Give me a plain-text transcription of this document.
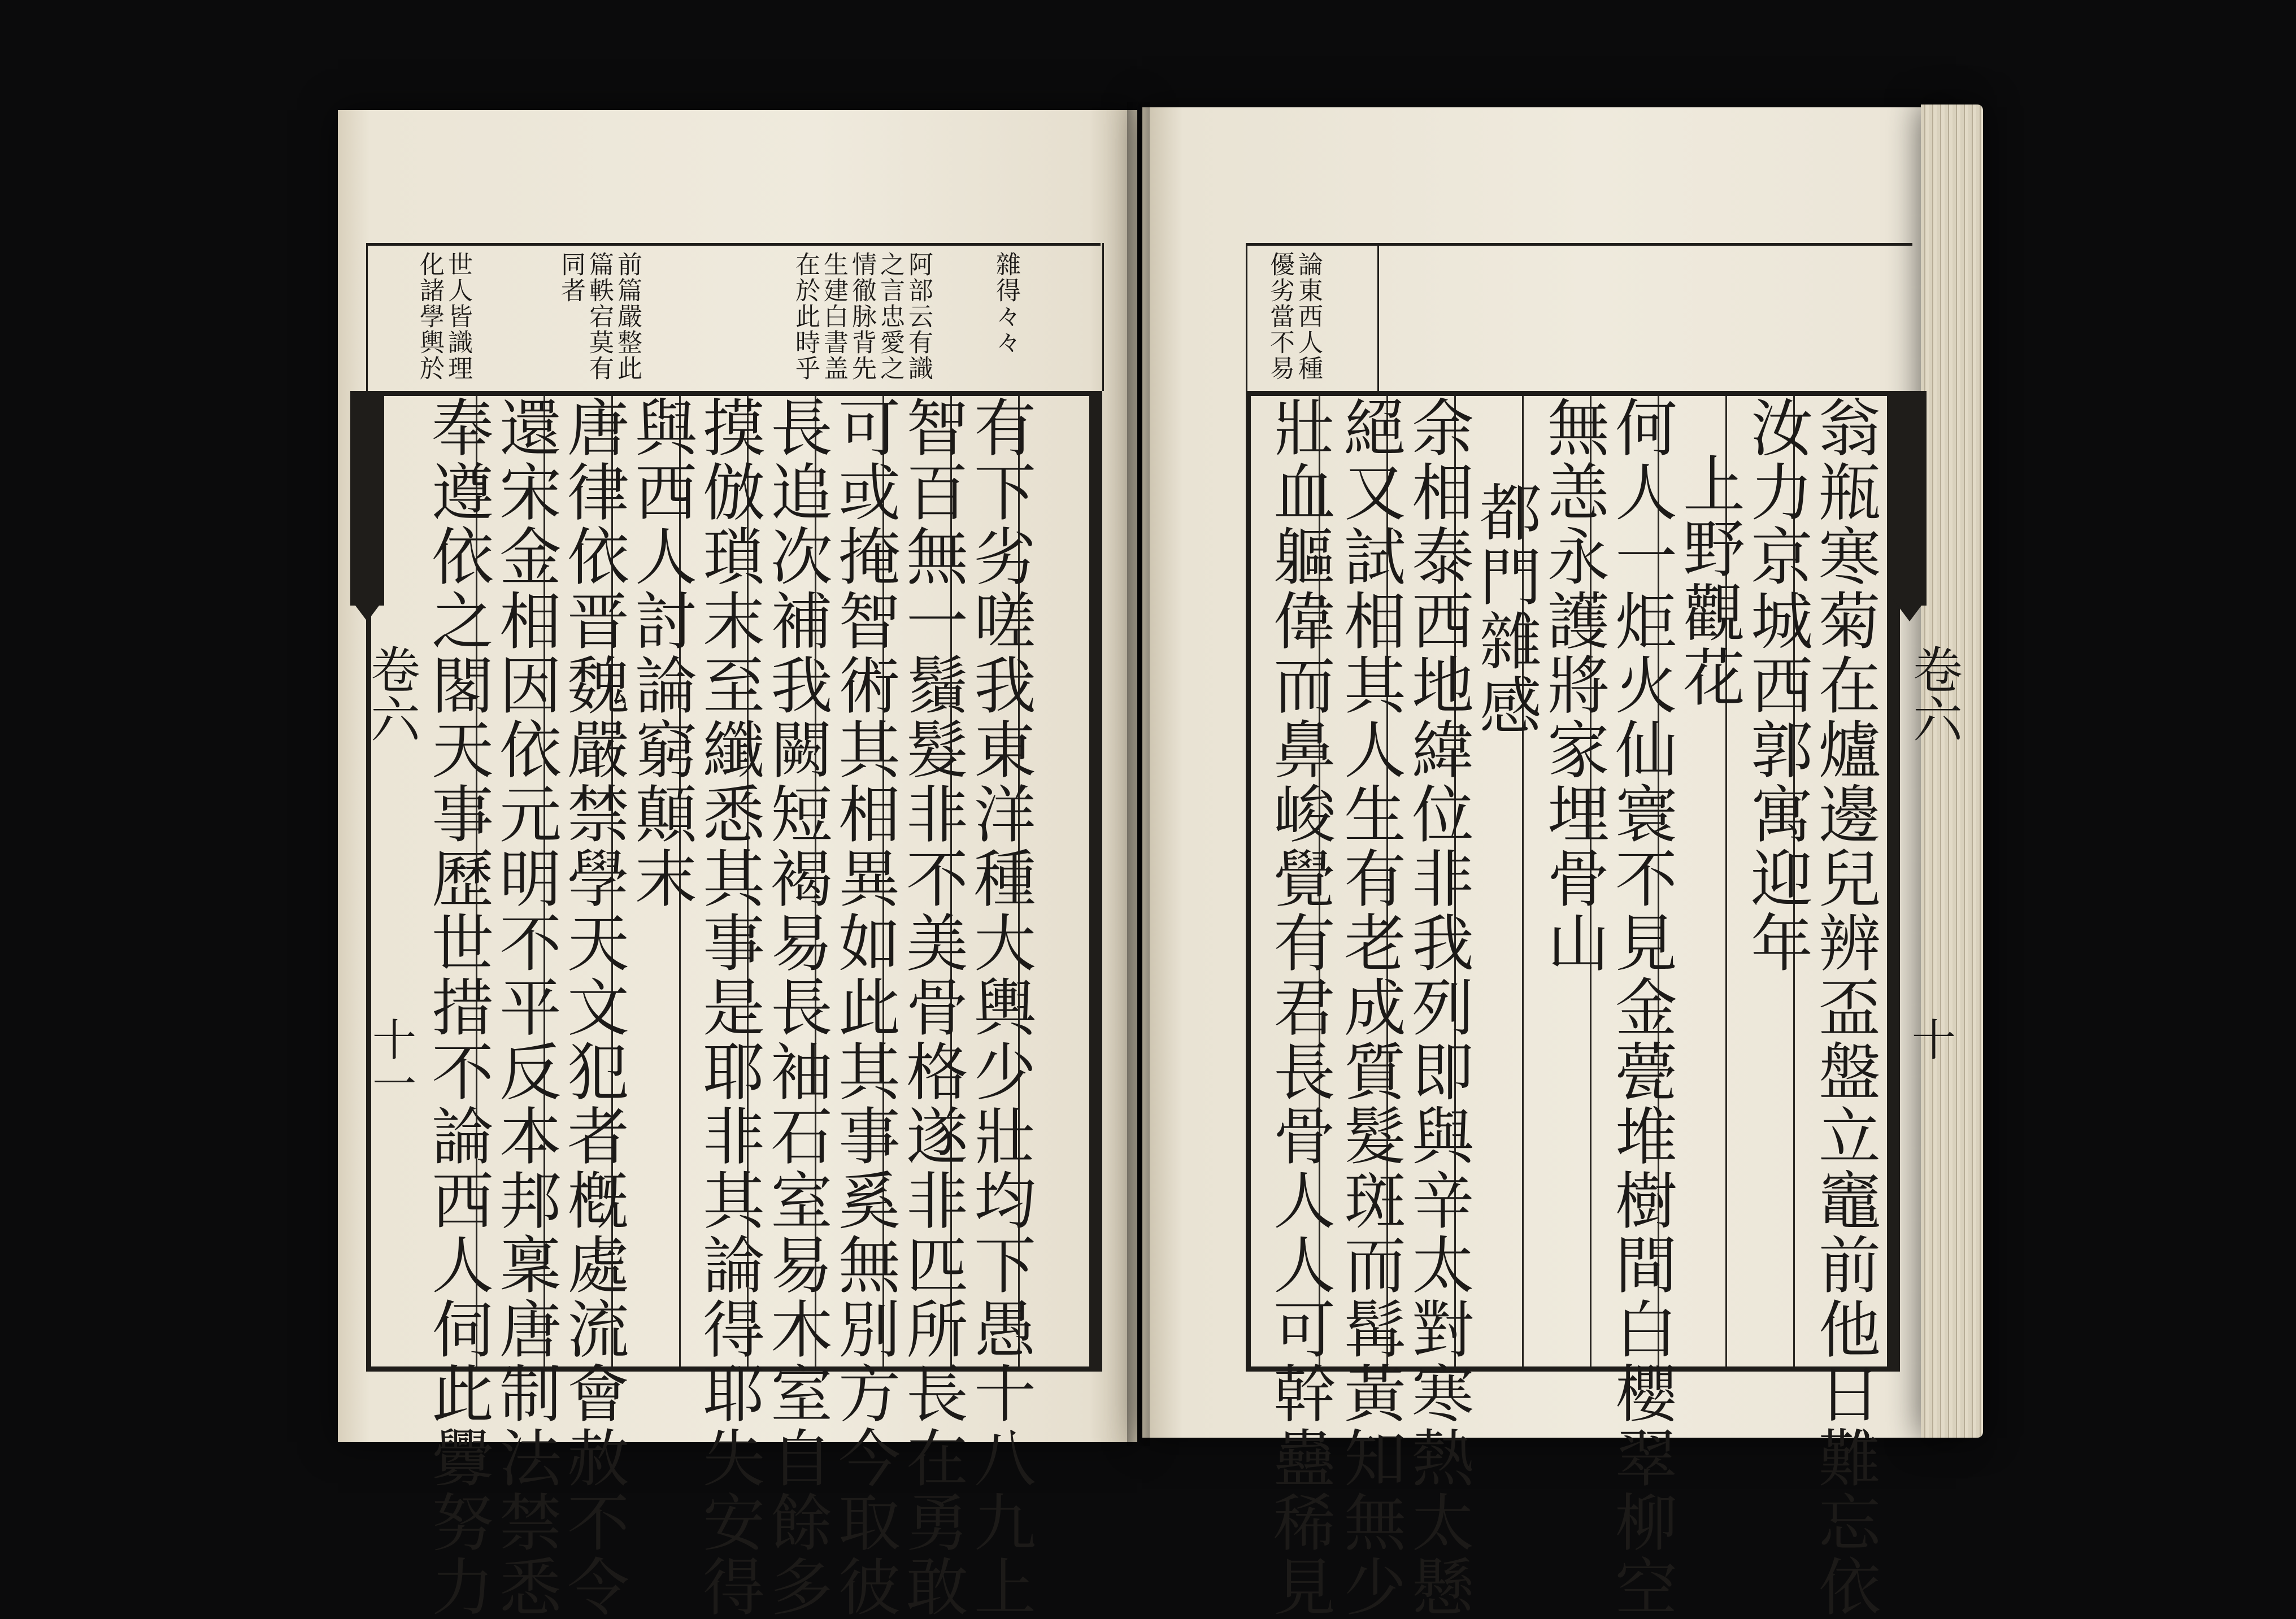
雜得々々
阿部云有識之言忠愛之情徹脉背先生建白書盖在於此時乎
前篇嚴整此篇軼宕莫有同者
世人皆識理化諸學輿於
有下劣嗟我東洋種大輿少壯均下愚十八九上
智百無一鬚髮非不美骨格遂非匹所長在勇敢
可或掩智術其相異如此其事奚無別方今取彼
長追次補我闕短褐易長袖石室易木室自餘多
摸倣瑣末至纖悉其事是耶非其論得耶失安得
與西人討論窮顛末
唐律依晋魏嚴禁學天文犯者槪處流會赦不令
還宋金相因依元明不平反本邦稟唐制法禁悉
奉遵依之閣天事歷世措不論西人伺此釁努力
卷六
十一
論東西人種優劣當不易
翁瓶寒菊在爐邊兒辨盃盤立竈前他日難忘依
汝力京城西郭寓迎年
上野觀花
何人一炬火仙寰不見金甍堆樹間白櫻翠柳空
無恙永護將家埋骨山
都門雜感
余相泰西地緯位非我列即與辛太對寒熱太懸
絕又試相其人生有老成質髮斑而髯黃知無少
壯血軀偉而鼻峻覺有君長骨人人可幹蠱稀見	卷六
十
